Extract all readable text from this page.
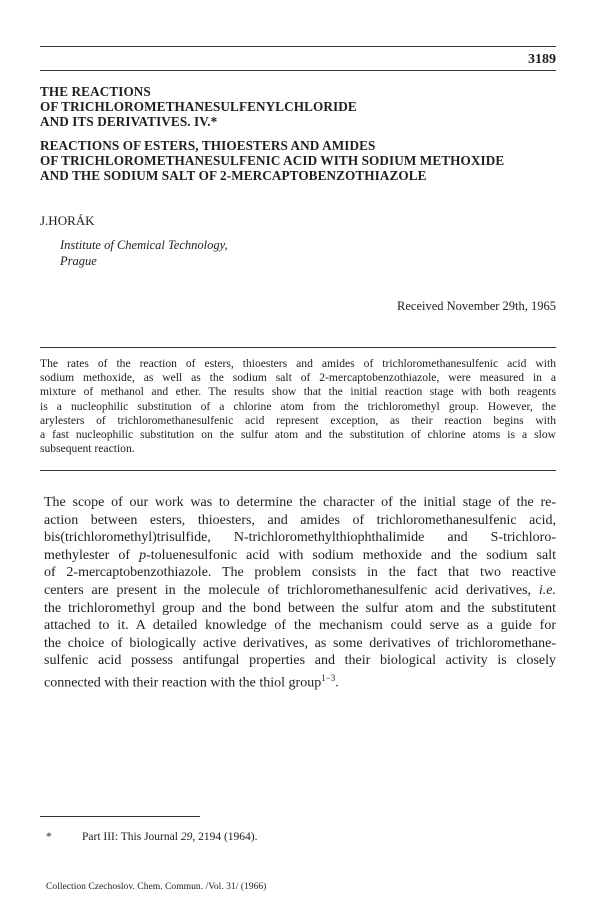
3189
THE REACTIONS
OF TRICHLOROMETHANESULFENYLCHLORIDE
AND ITS DERIVATIVES. IV.*
REACTIONS OF ESTERS, THIOESTERS AND AMIDES
OF TRICHLOROMETHANESULFENIC ACID WITH SODIUM METHOXIDE
AND THE SODIUM SALT OF 2-MERCAPTOBENZOTHIAZOLE
J.HORÁK
Institute of Chemical Technology,
Prague
Received November 29th, 1965
The rates of the reaction of esters, thioesters and amides of trichloromethanesulfenic acid with
sodium methoxide, as well as the sodium salt of 2-mercaptobenzothiazole, were measured in a
mixture of methanol and ether. The results show that the initial reaction stage with both reagents
is a nucleophilic substitution of a chlorine atom from the trichloromethyl group. However, the
arylesters of trichloromethanesulfenic acid represent exception, as their reaction begins with
a fast nucleophilic substitution on the sulfur atom and the substitution of chlorine atoms is a slow
subsequent reaction.
The scope of our work was to determine the character of the initial stage of the re-
action between esters, thioesters, and amides of trichloromethanesulfenic acid,
bis(trichloromethyl)trisulfide, N-trichloromethylthiophthalimide and S-trichloro-
methylester of p-toluenesulfonic acid with sodium methoxide and the sodium salt
of 2-mercaptobenzothiazole. The problem consists in the fact that two reactive
centers are present in the molecule of trichloromethanesulfenic acid derivatives, i.e.
the trichloromethyl group and the bond between the sulfur atom and the substitutent
attached to it. A detailed knowledge of the mechanism could serve as a guide for
the choice of biologically active derivatives, as some derivatives of trichloromethane-
sulfenic acid possess antifungal properties and their biological activity is closely
connected with their reaction with the thiol group$^{1-3}$.
*	Part III: This Journal 29, 2194 (1964).
Collection Czechoslov. Chem. Commun. /Vol. 31/ (1966)
